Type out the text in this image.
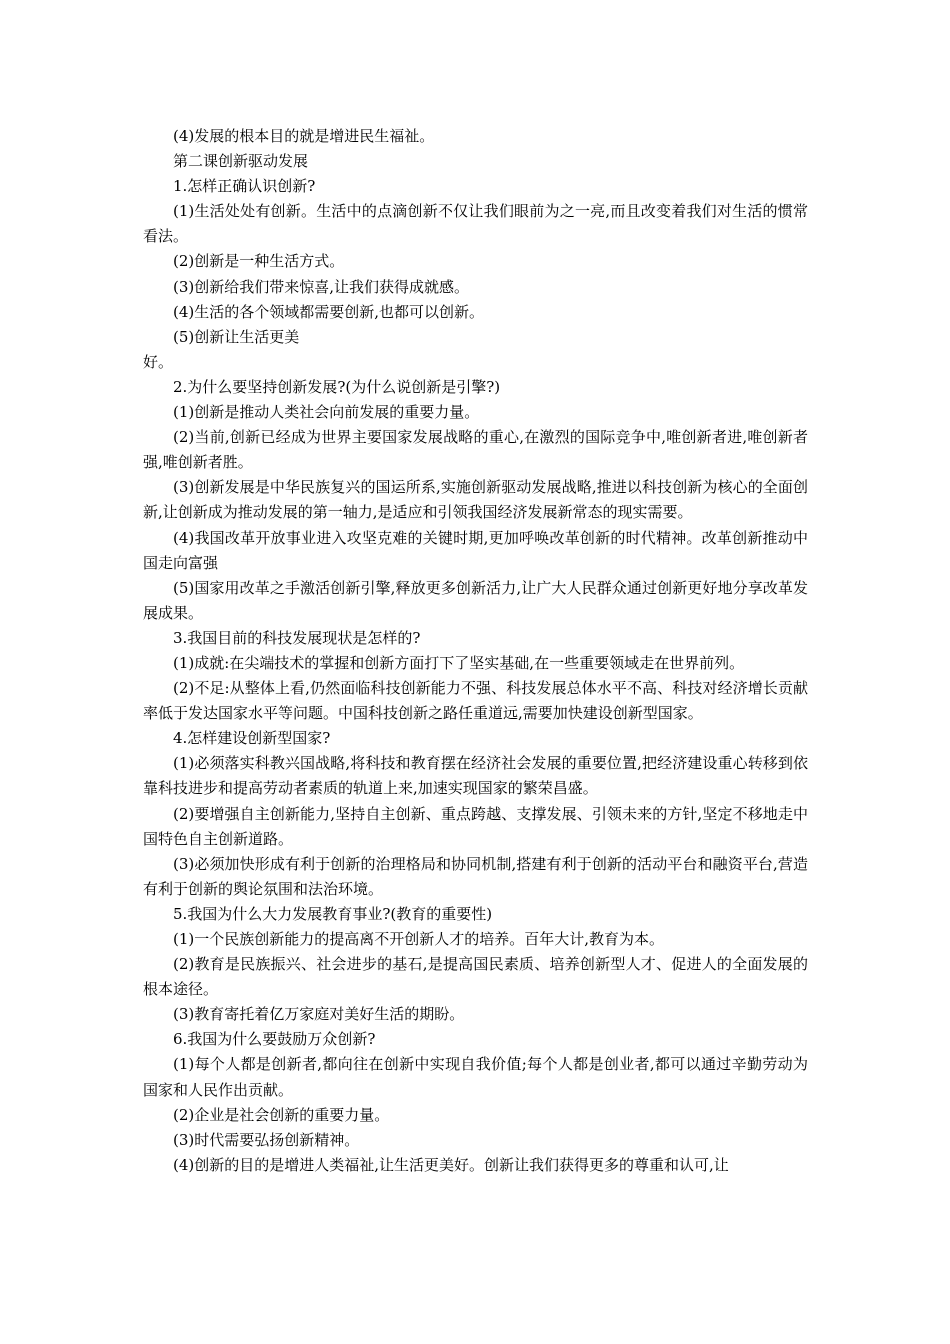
(4)发展的根本目的就是增进民生福祉。

第二课创新驱动发展

1.怎样正确认识创新?

(1)生活处处有创新。生活中的点滴创新不仅让我们眼前为之一亮,而且改变着我们对生活的惯常看法。

(2)创新是一种生活方式。

(3)创新给我们带来惊喜,让我们获得成就感。

(4)生活的各个领域都需要创新,也都可以创新。

(5)创新让生活更美

好。

2.为什么要坚持创新发展?(为什么说创新是引擎?)

(1)创新是推动人类社会向前发展的重要力量。

(2)当前,创新已经成为世界主要国家发展战略的重心,在激烈的国际竞争中,唯创新者进,唯创新者强,唯创新者胜。

(3)创新发展是中华民族复兴的国运所系,实施创新驱动发展战略,推进以科技创新为核心的全面创新,让创新成为推动发展的第一轴力,是适应和引领我国经济发展新常态的现实需要。

(4)我国改革开放事业进入攻坚克难的关键时期,更加呼唤改革创新的时代精神。改革创新推动中国走向富强

(5)国家用改革之手激活创新引擎,释放更多创新活力,让广大人民群众通过创新更好地分享改革发展成果。

3.我国目前的科技发展现状是怎样的?

(1)成就:在尖端技术的掌握和创新方面打下了坚实基础,在一些重要领域走在世界前列。

(2)不足:从整体上看,仍然面临科技创新能力不强、科技发展总体水平不高、科技对经济增长贡献率低于发达国家水平等问题。中国科技创新之路任重道远,需要加快建设创新型国家。

4.怎样建设创新型国家?

(1)必须落实科教兴国战略,将科技和教育摆在经济社会发展的重要位置,把经济建设重心转移到依靠科技进步和提高劳动者素质的轨道上来,加速实现国家的繁荣昌盛。

(2)要增强自主创新能力,坚持自主创新、重点跨越、支撑发展、引领未来的方针,坚定不移地走中国特色自主创新道路。

(3)必须加快形成有利于创新的治理格局和协同机制,搭建有利于创新的活动平台和融资平台,营造有利于创新的舆论氛围和法治环境。

5.我国为什么大力发展教育事业?(教育的重要性)

(1)一个民族创新能力的提高离不开创新人才的培养。百年大计,教育为本。

(2)教育是民族振兴、社会进步的基石,是提高国民素质、培养创新型人才、促进人的全面发展的根本途径。

(3)教育寄托着亿万家庭对美好生活的期盼。

6.我国为什么要鼓励万众创新?

(1)每个人都是创新者,都向往在创新中实现自我价值;每个人都是创业者,都可以通过辛勤劳动为国家和人民作出贡献。

(2)企业是社会创新的重要力量。

(3)时代需要弘扬创新精神。

(4)创新的目的是增进人类福祉,让生活更美好。创新让我们获得更多的尊重和认可,让
